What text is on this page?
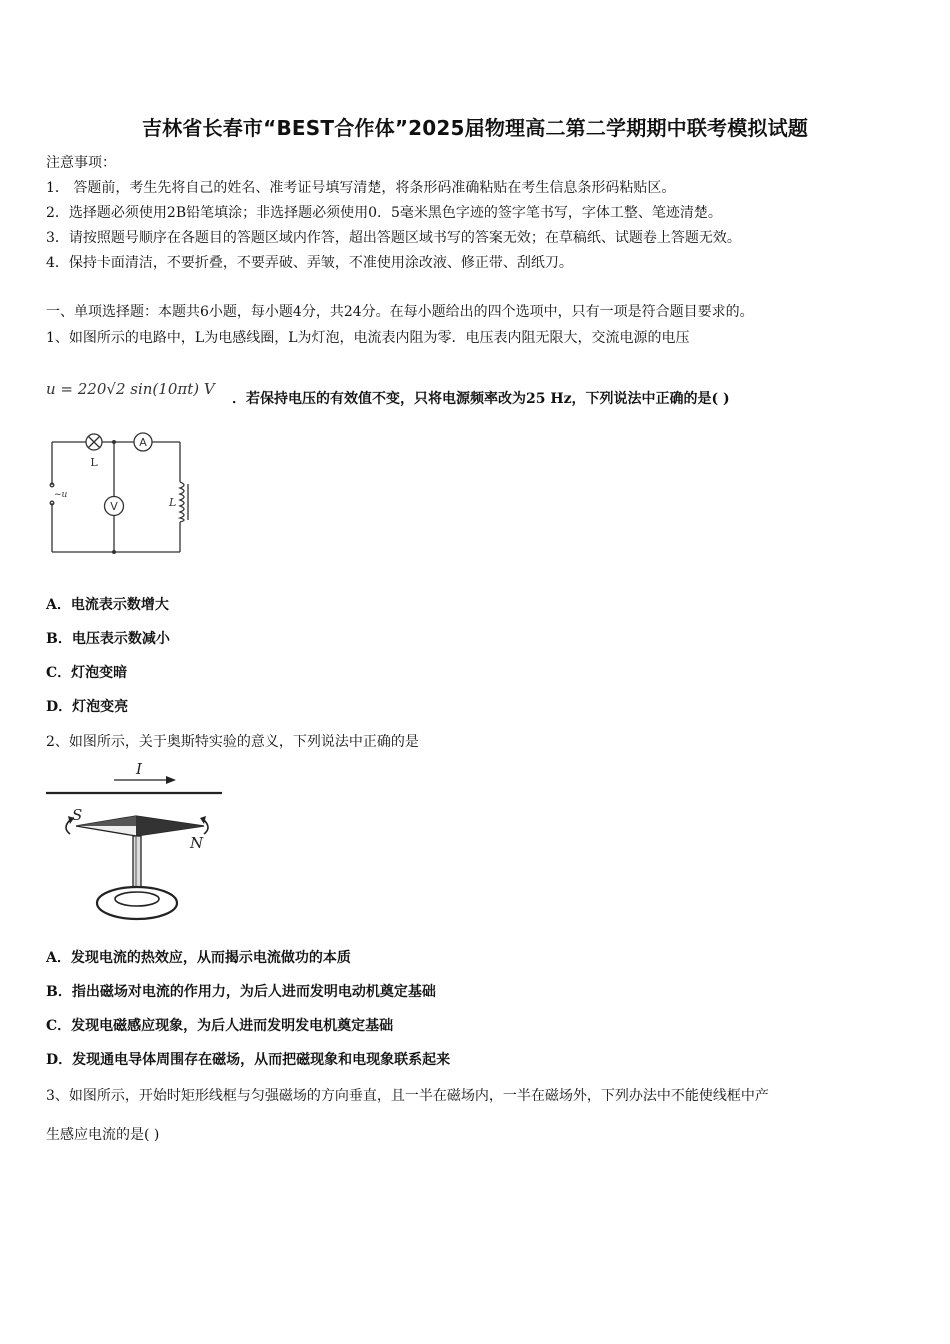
吉林省长春市“BEST合作体”2025届物理高二第二学期期中联考模拟试题
注意事项：
1． 答题前，考生先将自己的姓名、准考证号填写清楚，将条形码准确粘贴在考生信息条形码粘贴区。
2．选择题必须使用2B铅笔填涂；非选择题必须使用0．5毫米黑色字迹的签字笔书写，字体工整、笔迹清楚。
3．请按照题号顺序在各题目的答题区域内作答，超出答题区域书写的答案无效；在草稿纸、试题卷上答题无效。
4．保持卡面清洁，不要折叠，不要弄破、弄皱，不准使用涂改液、修正带、刮纸刀。
一、单项选择题：本题共6小题，每小题4分，共24分。在每小题给出的四个选项中，只有一项是符合题目要求的。
1、如图所示的电路中，L为电感线圈，L为灯泡，电流表内阻为零．电压表内阻无限大，交流电源的电压
u = 220√2 sin(10πt) V
．若保持电压的有效值不变，只将电源频率改为25 Hz，下列说法中正确的是( )
A
V
L
L
~u
A．电流表示数增大
B．电压表示数减小
C．灯泡变暗
D．灯泡变亮
2、如图所示，关于奥斯特实验的意义，下列说法中正确的是
I
S
N
A．发现电流的热效应，从而揭示电流做功的本质
B．指出磁场对电流的作用力，为后人进而发明电动机奠定基础
C．发现电磁感应现象，为后人进而发明发电机奠定基础
D．发现通电导体周围存在磁场，从而把磁现象和电现象联系起来
3、如图所示，开始时矩形线框与匀强磁场的方向垂直，且一半在磁场内，一半在磁场外，下列办法中不能使线框中产
生感应电流的是( )
